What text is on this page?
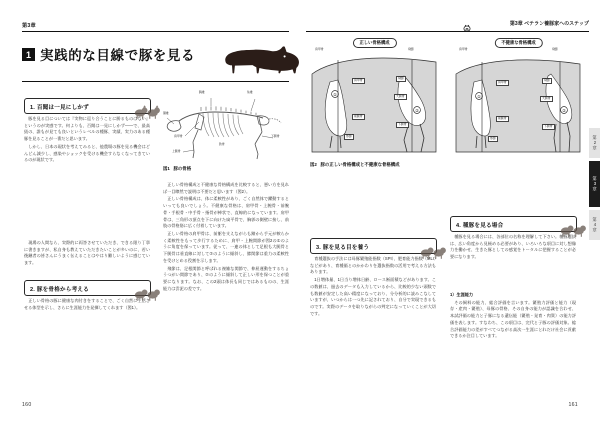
第3章
1 実践的な目線で豚を見る
1. 百聞は一見にしかず

豚を見る目については『実物に巡り合うことに勝るものはない』というのが実感です。何よりも、百聞は一見にしかず――で、最高級の、誰もが見ても良いというレベルの種豚、実績、実力のある種豚を見ることが一番だと思います。

しかし、日本の現状を考えてみると、他農場の豚を見る機会はどんどん減少し、感染やショックを受ける機会すらなくなってきているのが現状です。

2. 豚を骨格から考える

現場の人間なら、実際的に両答させていただき、できる限り丁寧に書きますが、私自身も教えていただきたいことが多いのに、若い後継者の皆さんにうまく伝えることはやはり難しいように感じています。

正しい骨格の豚に健康な肉付きをすることで、ごく自然に生活させる体型を示し、さらに生涯能力を発揮してくれます（図1）。

胸椎	仙椎
頸椎
肩甲骨	下腿骨
上腕骨
肋骨
図1 豚の骨格

正しい骨格構成と不健康な骨格構成を比較すると、悪い方を見れば一目瞭然で説明は不要だと思います（図2）。

正しい骨格構成は、体に柔軟性があり、ごく自然体で躍動するといっても良いでしょう。不健康な骨格は、肩甲骨・上腕骨・前腕骨・手根骨・中手骨・指骨が棒状で、直線的になっています。肩甲骨は、三角形の頂点を下に向けた扁平骨で、胸郭の側壁に接し、前肢の骨格筋に広く付着しています。

正しい骨格の肩甲骨は、前躯を支えながらも蹄から手元が軟らかく柔軟性をもって歩行するために、肩甲・上腕関節が図2の①のように角度を保っています。従って、一連の体として足根も大腿骨と下腿骨は垂直線に対して②のように傾斜し、膝関節は重力の柔軟性を受けとめる役割を示します。

飛節は、足根関節と呼ばれる複雑な関節で、伸屈運動をするちょうつがい関節であり、②のように傾斜して正しい形を保つことが重要になります。なお、この2頭は体長も同じではあるものの、生涯能力は雲泥の差です。

160
第3章 ベテラン養豚家へのステップ
正しい骨格構成
①
②
肩甲骨	飛節
肩甲骨	飛節
大腿骨
前腕骨
下腿骨
球節
不健康な骨格構成
①
②
肩甲骨	飛節
肩甲骨	飛節
大腿骨
前腕骨
下腿骨
球節
図2 豚の正しい骨格構成と不健康な骨格構成

3. 豚を見る目を養う

育種選抜の手法には母豚繁殖能指数（SPI）、肥育能力指数（MLI）などがあり、育種価とのかかわりを選抜指数の活用で考える方法もあります。

1日増体量、1日当り増体日齢、ロース断面積などがあります。この数値は、過去のデータも入力しているから、比較的少ない頭数でも数値が安定した高い精度になっており、分分析的に読みこなしていますが、いつからは一つ先に記されており、自分で実現できるものです。実際のデータを取りながらの判定になっていくことが大切です。

4. 種豚を見る場合

種豚を見る場合には、各部位の名称を理解して下さい。種豚選抜は、広い角度から見極める必要があり、いろいろな項目に対し想像力を働かせ、生きた豚としての感覚をトータルに把握することが必要になります。

1）生涯能力

その飼料の能力、総合評価を言います。繁殖力評価と能力（現存・産肉・繁殖）、母豚の骨格、その自身の能力が認識を合わせ、本試評価の能力と子豚になる遺伝能（繁殖・発育・肉質）の能力評価を表します。すなわち、この項目は、完代と子豚の評価対象。総合評価能力の差がすべてつながる高次一生涯にとれだけ社会に貢献できるか注目しています。

第2章
第3章
第4章
161
